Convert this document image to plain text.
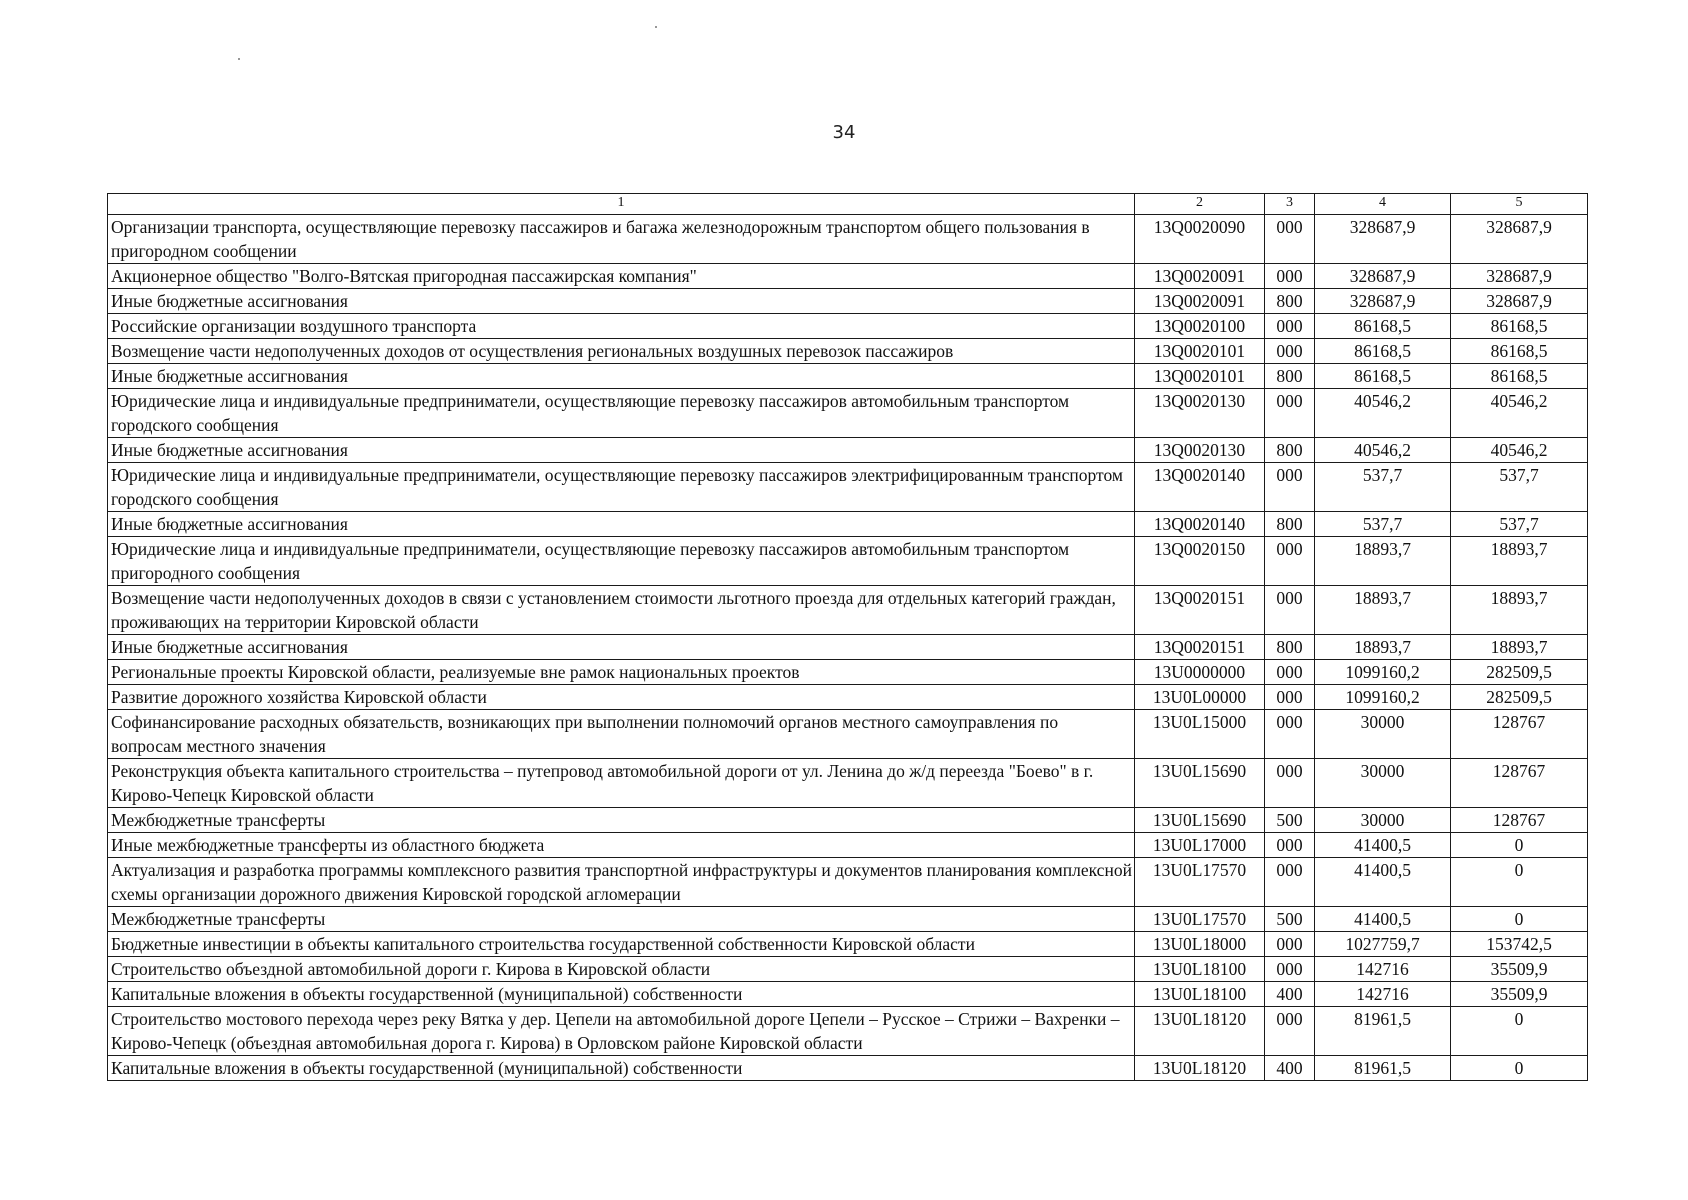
34
1	2	3	4	5
Организации транспорта, осуществляющие перевозку пассажиров и багажа железнодорожным транспортом общего пользования в пригородном сообщении	13Q0020090	000	328687,9	328687,9
Акционерное общество "Волго-Вятская пригородная пассажирская компания"	13Q0020091	000	328687,9	328687,9
Иные бюджетные ассигнования	13Q0020091	800	328687,9	328687,9
Российские организации воздушного транспорта	13Q0020100	000	86168,5	86168,5
Возмещение части недополученных доходов от осуществления региональных воздушных перевозок пассажиров	13Q0020101	000	86168,5	86168,5
Иные бюджетные ассигнования	13Q0020101	800	86168,5	86168,5
Юридические лица и индивидуальные предприниматели, осуществляющие перевозку пассажиров автомобильным транспортом городского сообщения	13Q0020130	000	40546,2	40546,2
Иные бюджетные ассигнования	13Q0020130	800	40546,2	40546,2
Юридические лица и индивидуальные предприниматели, осуществляющие перевозку пассажиров электрифицированным транспортом городского сообщения	13Q0020140	000	537,7	537,7
Иные бюджетные ассигнования	13Q0020140	800	537,7	537,7
Юридические лица и индивидуальные предприниматели, осуществляющие перевозку пассажиров автомобильным транспортом пригородного сообщения	13Q0020150	000	18893,7	18893,7
Возмещение части недополученных доходов в связи с установлением стоимости льготного проезда для отдельных категорий граждан, проживающих на территории Кировской области	13Q0020151	000	18893,7	18893,7
Иные бюджетные ассигнования	13Q0020151	800	18893,7	18893,7
Региональные проекты Кировской области, реализуемые вне рамок национальных проектов	13U0000000	000	1099160,2	282509,5
Развитие дорожного хозяйства Кировской области	13U0L00000	000	1099160,2	282509,5
Софинансирование расходных обязательств, возникающих при выполнении полномочий органов местного самоуправления по вопросам местного значения	13U0L15000	000	30000	128767
Реконструкция объекта капитального строительства – путепровод автомобильной дороги от ул. Ленина до ж/д переезда "Боево" в г. Кирово-Чепецк Кировской области	13U0L15690	000	30000	128767
Межбюджетные трансферты	13U0L15690	500	30000	128767
Иные межбюджетные трансферты из областного бюджета	13U0L17000	000	41400,5	0
Актуализация и разработка программы комплексного развития транспортной инфраструктуры и документов планирования комплексной схемы организации дорожного движения Кировской городской агломерации	13U0L17570	000	41400,5	0
Межбюджетные трансферты	13U0L17570	500	41400,5	0
Бюджетные инвестиции в объекты капитального строительства государственной собственности Кировской области	13U0L18000	000	1027759,7	153742,5
Строительство объездной автомобильной дороги г. Кирова в Кировской области	13U0L18100	000	142716	35509,9
Капитальные вложения в объекты государственной (муниципальной) собственности	13U0L18100	400	142716	35509,9
Строительство мостового перехода через реку Вятка у дер. Цепели на автомобильной дороге Цепели – Русское – Стрижи – Вахренки – Кирово-Чепецк (объездная автомобильная дорога г. Кирова) в Орловском районе Кировской области	13U0L18120	000	81961,5	0
Капитальные вложения в объекты государственной (муниципальной) собственности	13U0L18120	400	81961,5	0
